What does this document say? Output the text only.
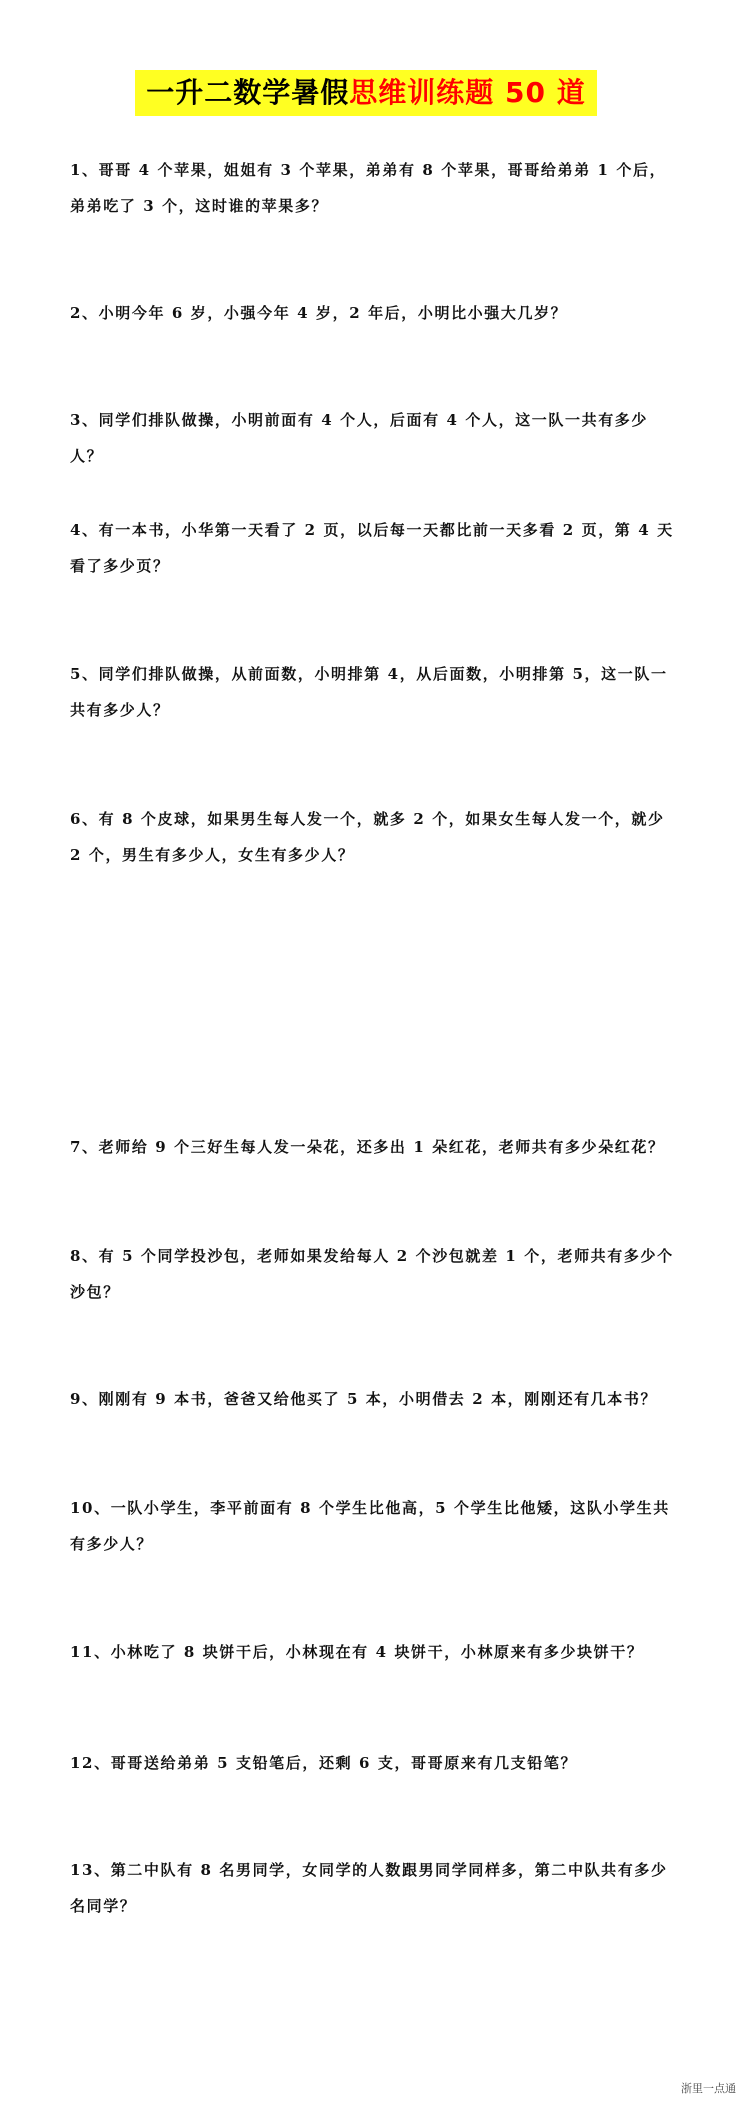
一升二数学暑假思维训练题 50 道

1、哥哥 4 个苹果，姐姐有 3 个苹果，弟弟有 8 个苹果，哥哥给弟弟 1 个后，弟弟吃了 3 个，这时谁的苹果多？

2、小明今年 6 岁，小强今年 4 岁，2 年后，小明比小强大几岁？

3、同学们排队做操，小明前面有 4 个人，后面有 4 个人，这一队一共有多少人？

4、有一本书，小华第一天看了 2 页，以后每一天都比前一天多看 2 页，第 4 天看了多少页？

5、同学们排队做操，从前面数，小明排第 4，从后面数，小明排第 5，这一队一共有多少人？

6、有 8 个皮球，如果男生每人发一个，就多 2 个，如果女生每人发一个，就少 2 个，男生有多少人，女生有多少人？

7、老师给 9 个三好生每人发一朵花，还多出 1 朵红花，老师共有多少朵红花？

8、有 5 个同学投沙包，老师如果发给每人 2 个沙包就差 1 个，老师共有多少个沙包？

9、刚刚有 9 本书，爸爸又给他买了 5 本，小明借去 2 本，刚刚还有几本书？

10、一队小学生，李平前面有 8 个学生比他高，5 个学生比他矮，这队小学生共有多少人？

11、小林吃了 8 块饼干后，小林现在有 4 块饼干，小林原来有多少块饼干？

12、哥哥送给弟弟 5 支铅笔后，还剩 6 支，哥哥原来有几支铅笔？

13、第二中队有 8 名男同学，女同学的人数跟男同学同样多，第二中队共有多少名同学？

浙里一点通
